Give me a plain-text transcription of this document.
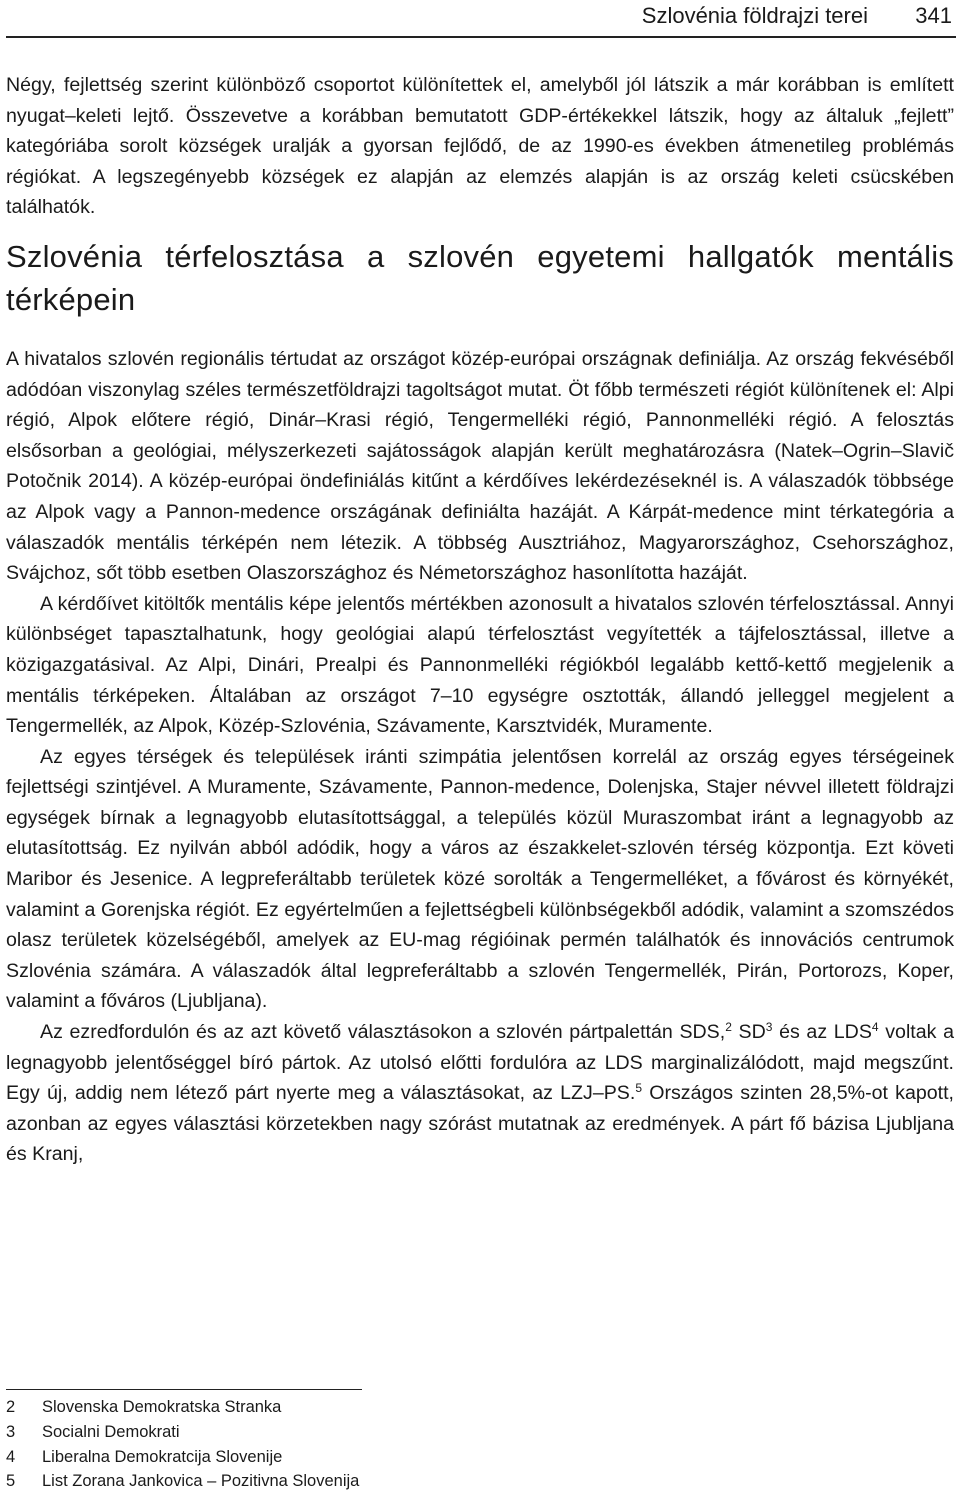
Szlovénia földrajzi terei 341

Négy, fejlettség szerint különböző csoportot különítettek el, amelyből jól látszik a már korábban is említett nyugat–keleti lejtő. Összevetve a korábban bemutatott GDP-értékekkel látszik, hogy az általuk „fejlett” kategóriába sorolt községek uralják a gyorsan fejlődő, de az 1990-es években átmenetileg problémás régiókat. A legszegényebb községek ez alapján az elemzés alapján is az ország keleti csücskében találhatók.

Szlovénia térfelosztása a szlovén egyetemi hallgatók mentális térképein

A hivatalos szlovén regionális tértudat az országot közép-európai országnak definiálja. Az ország fekvéséből adódóan viszonylag széles természetföldrajzi tagoltságot mutat. Öt főbb természeti régiót különítenek el: Alpi régió, Alpok előtere régió, Dinár–Krasi régió, Tengermelléki régió, Pannonmelléki régió. A felosztás elsősorban a geológiai, mélyszerkezeti sajátosságok alapján került meghatározásra (Natek–Ogrin–Slavič Potočnik 2014). A közép-európai öndefiniálás kitűnt a kérdőíves lekérdezéseknél is. A válaszadók többsége az Alpok vagy a Pannon-medence országának definiálta hazáját. A Kárpát-medence mint térkategória a válaszadók mentális térképén nem létezik. A többség Ausztriához, Magyarországhoz, Csehországhoz, Svájchoz, sőt több esetben Olaszországhoz és Németországhoz hasonlította hazáját.

A kérdőívet kitöltők mentális képe jelentős mértékben azonosult a hivatalos szlovén térfelosztással. Annyi különbséget tapasztalhatunk, hogy geológiai alapú térfelosztást vegyítették a tájfelosztással, illetve a közigazgatásival. Az Alpi, Dinári, Prealpi és Pannonmelléki régiókból legalább kettő-kettő megjelenik a mentális térképeken. Általában az országot 7–10 egységre osztották, állandó jelleggel megjelent a Tengermellék, az Alpok, Közép-Szlovénia, Szávamente, Karsztvidék, Muramente.

Az egyes térségek és települések iránti szimpátia jelentősen korrelál az ország egyes térségeinek fejlettségi szintjével. A Muramente, Szávamente, Pannon-medence, Dolenjska, Stajer névvel illetett földrajzi egységek bírnak a legnagyobb elutasítottsággal, a település közül Muraszombat iránt a legnagyobb az elutasítottság. Ez nyilván abból adódik, hogy a város az északkelet-szlovén térség központja. Ezt követi Maribor és Jesenice. A legpreferáltabb területek közé sorolták a Tengermelléket, a fővárost és környékét, valamint a Gorenjska régiót. Ez egyértelműen a fejlettségbeli különbségekből adódik, valamint a szomszédos olasz területek közelségéből, amelyek az EU-mag régióinak permén találhatók és innovációs centrumok Szlovénia számára. A válaszadók által legpreferáltabb a szlovén Tengermellék, Pirán, Portorozs, Koper, valamint a főváros (Ljubljana).

Az ezredfordulón és az azt követő választásokon a szlovén pártpalettán SDS,$^2$ $SD^3$ és az LDS$^4$ voltak a legnagyobb jelentőséggel bíró pártok. Az utolsó előtti fordulóra az LDS marginalizálódott, majd megszűnt. Egy új, addig nem létező párt nyerte meg a választásokat, az LZJ–PS.$^5$ Országos szinten 28,5%-ot kapott, azonban az egyes választási körzetekben nagy szórást mutatnak az eredmények. A párt fő bázisa Ljubljana és Kranj,

2	Slovenska Demokratska Stranka
3	Socialni Demokrati
4	Liberalna Demokratcija Slovenije
5	List Zorana Jankovica – Pozitivna Slovenija
